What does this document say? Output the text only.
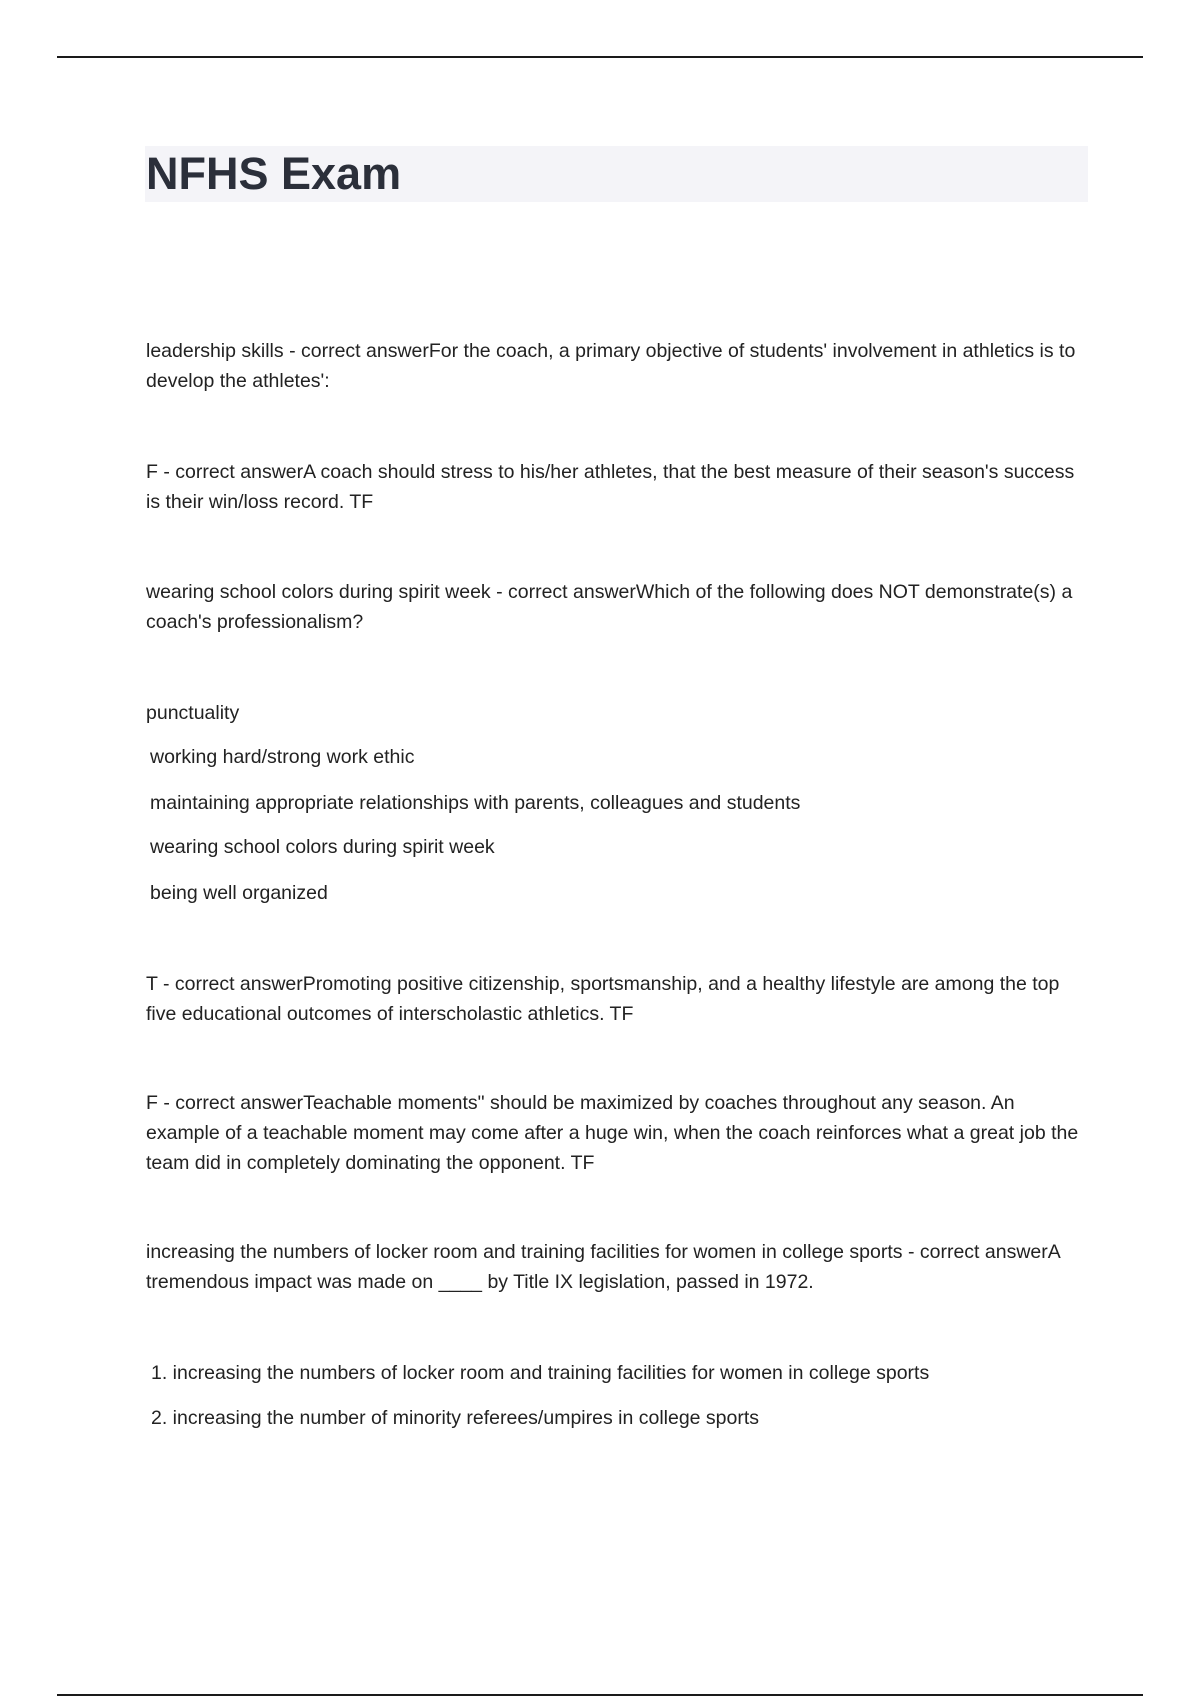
NFHS Exam

leadership skills - correct answerFor the coach, a primary objective of students' involvement in athletics is to develop the athletes':

F - correct answerA coach should stress to his/her athletes, that the best measure of their season's success is their win/loss record. TF

wearing school colors during spirit week - correct answerWhich of the following does NOT demonstrate(s) a coach's professionalism?

punctuality

working hard/strong work ethic

maintaining appropriate relationships with parents, colleagues and students

wearing school colors during spirit week

being well organized

T - correct answerPromoting positive citizenship, sportsmanship, and a healthy lifestyle are among the top five educational outcomes of interscholastic athletics. TF

F - correct answerTeachable moments" should be maximized by coaches throughout any season. An example of a teachable moment may come after a huge win, when the coach reinforces what a great job the team did in completely dominating the opponent. TF

increasing the numbers of locker room and training facilities for women in college sports - correct answerA tremendous impact was made on ____ by Title IX legislation, passed in 1972.

1. increasing the numbers of locker room and training facilities for women in college sports

2. increasing the number of minority referees/umpires in college sports
